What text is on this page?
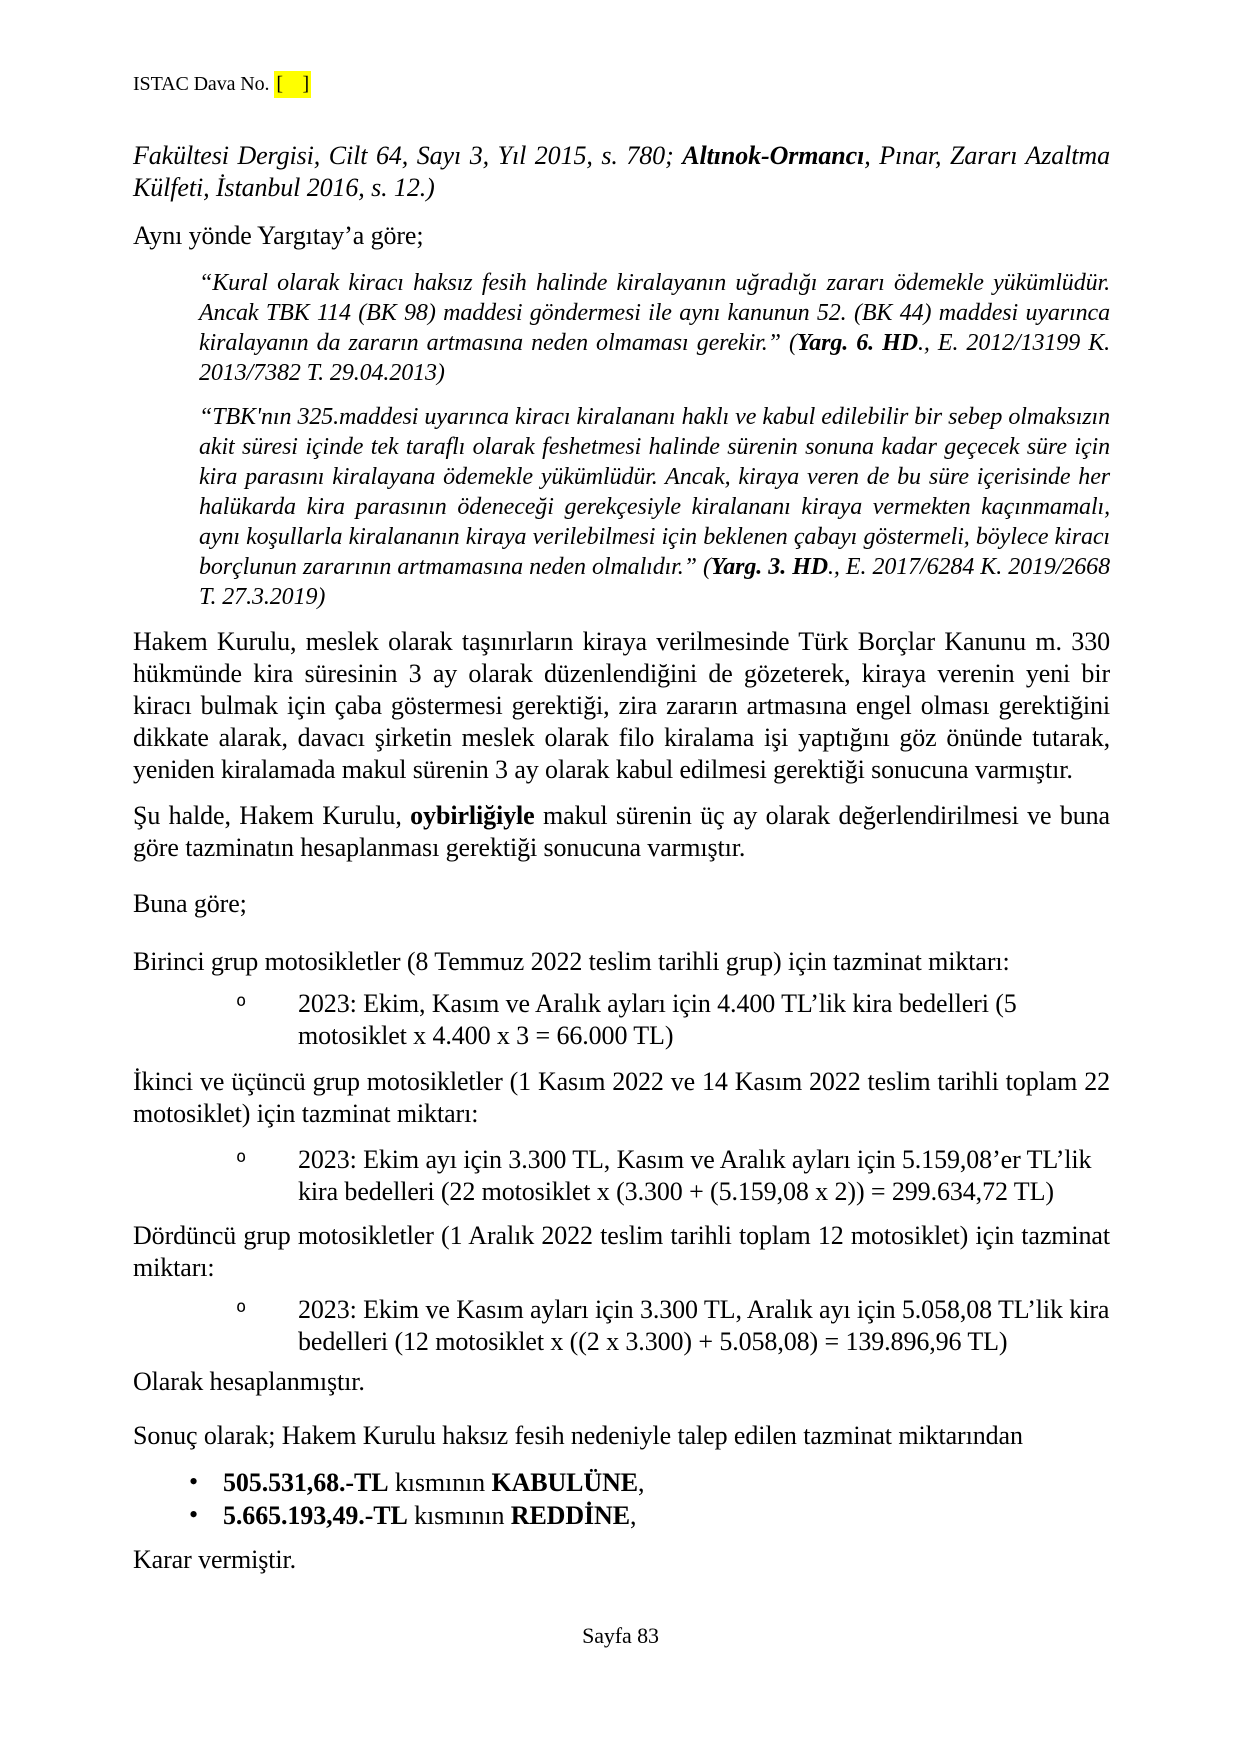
ISTAC Dava No. [    ]

Fakültesi Dergisi, Cilt 64, Sayı 3, Yıl 2015, s. 780; Altınok-Ormancı, Pınar, Zararı Azaltma Külfeti, İstanbul 2016, s. 12.)

Aynı yönde Yargıtay’a göre;

“Kural olarak kiracı haksız fesih halinde kiralayanın uğradığı zararı ödemekle yükümlüdür. Ancak TBK 114 (BK 98) maddesi göndermesi ile aynı kanunun 52. (BK 44) maddesi uyarınca kiralayanın da zararın artmasına neden olmaması gerekir.” (Yarg. 6. HD., E. 2012/13199 K. 2013/7382 T. 29.04.2013)

“TBK'nın 325.maddesi uyarınca kiracı kiralananı haklı ve kabul edilebilir bir sebep olmaksızın akit süresi içinde tek taraflı olarak feshetmesi halinde sürenin sonuna kadar geçecek süre için kira parasını kiralayana ödemekle yükümlüdür. Ancak, kiraya veren de bu süre içerisinde her halükarda kira parasının ödeneceği gerekçesiyle kiralananı kiraya vermekten kaçınmamalı, aynı koşullarla kiralananın kiraya verilebilmesi için beklenen çabayı göstermeli, böylece kiracı borçlunun zararının artmamasına neden olmalıdır.” (Yarg. 3. HD., E. 2017/6284 K. 2019/2668 T. 27.3.2019)

Hakem Kurulu, meslek olarak taşınırların kiraya verilmesinde Türk Borçlar Kanunu m. 330 hükmünde kira süresinin 3 ay olarak düzenlendiğini de gözeterek, kiraya verenin yeni bir kiracı bulmak için çaba göstermesi gerektiği, zira zararın artmasına engel olması gerektiğini dikkate alarak, davacı şirketin meslek olarak filo kiralama işi yaptığını göz önünde tutarak, yeniden kiralamada makul sürenin 3 ay olarak kabul edilmesi gerektiği sonucuna varmıştır.

Şu halde, Hakem Kurulu, oybirliğiyle makul sürenin üç ay olarak değerlendirilmesi ve buna göre tazminatın hesaplanması gerektiği sonucuna varmıştır.

Buna göre;

Birinci grup motosikletler (8 Temmuz 2022 teslim tarihli grup) için tazminat miktarı:

o 2023: Ekim, Kasım ve Aralık ayları için 4.400 TL’lik kira bedelleri (5 motosiklet x 4.400 x 3 = 66.000 TL)

İkinci ve üçüncü grup motosikletler (1 Kasım 2022 ve 14 Kasım 2022 teslim tarihli toplam 22 motosiklet) için tazminat miktarı:

o 2023: Ekim ayı için 3.300 TL, Kasım ve Aralık ayları için 5.159,08’er TL’lik kira bedelleri (22 motosiklet x (3.300 + (5.159,08 x 2)) = 299.634,72 TL)

Dördüncü grup motosikletler (1 Aralık 2022 teslim tarihli toplam 12 motosiklet) için tazminat miktarı:

o 2023: Ekim ve Kasım ayları için 3.300 TL, Aralık ayı için 5.058,08 TL’lik kira bedelleri (12 motosiklet x ((2 x 3.300) + 5.058,08) = 139.896,96 TL)

Olarak hesaplanmıştır.

Sonuç olarak; Hakem Kurulu haksız fesih nedeniyle talep edilen tazminat miktarından

• 505.531,68.-TL kısmının KABULÜNE,
• 5.665.193,49.-TL kısmının REDDİNE,

Karar vermiştir.

Sayfa 83
